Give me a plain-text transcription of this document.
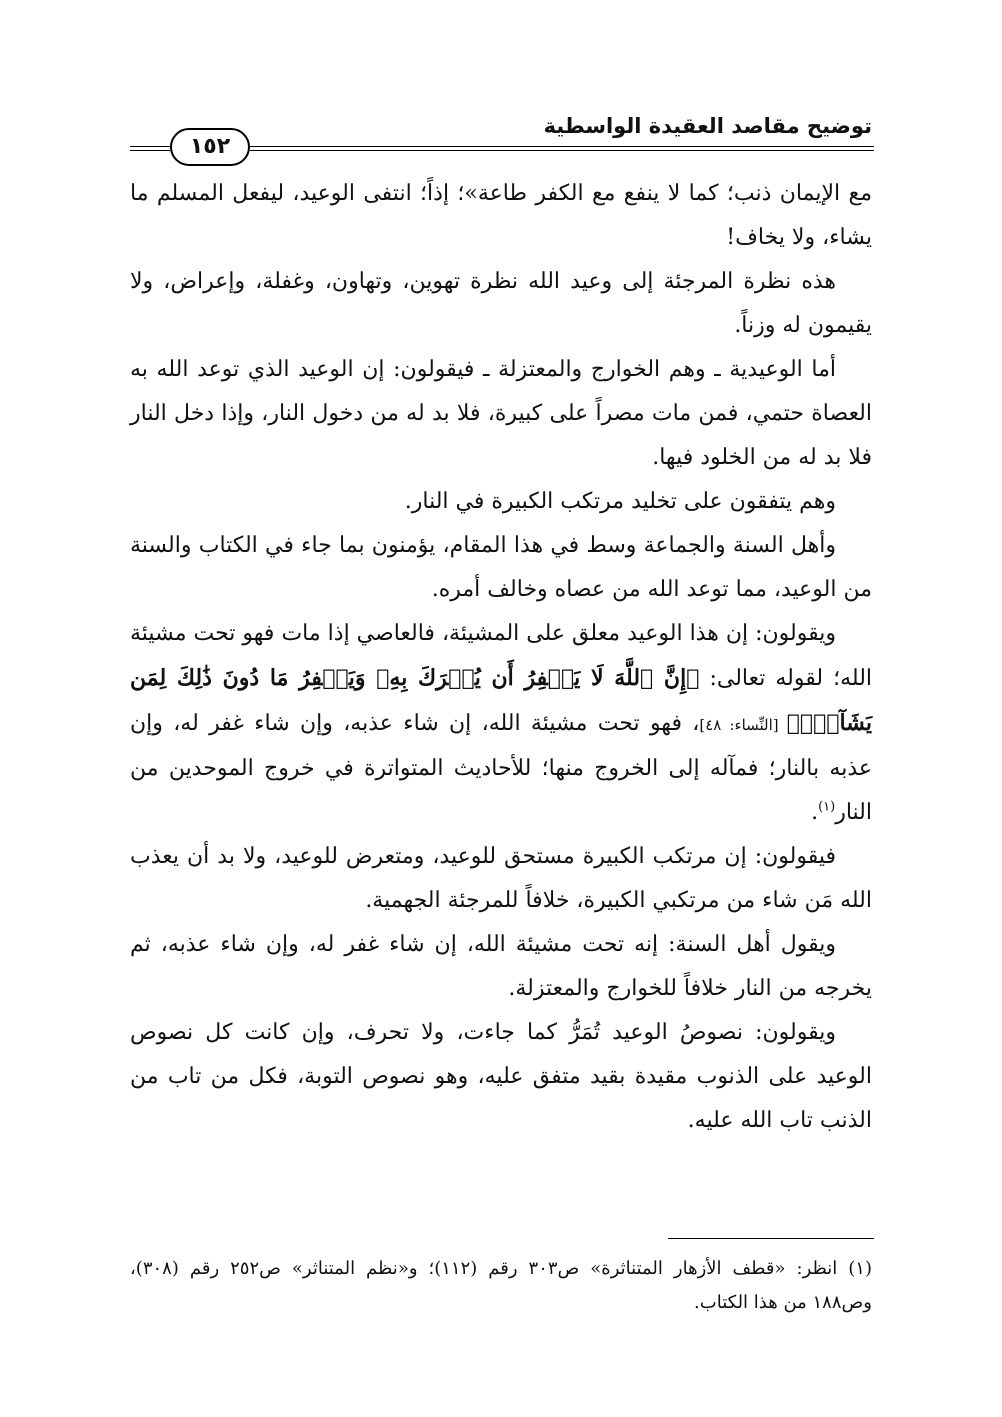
١٥٢
توضيح مقاصد العقيدة الواسطية

مع الإيمان ذنب؛ كما لا ينفع مع الكفر طاعة»؛ إذاً؛ انتفى الوعيد، ليفعل المسلم ما يشاء، ولا يخاف!

هذه نظرة المرجئة إلى وعيد الله نظرة تهوين، وتهاون، وغفلة، وإعراض، ولا يقيمون له وزناً.

أما الوعيدية ـ وهم الخوارج والمعتزلة ـ فيقولون: إن الوعيد الذي توعد الله به العصاة حتمي، فمن مات مصراً على كبيرة، فلا بد له من دخول النار، وإذا دخل النار فلا بد له من الخلود فيها.

وهم يتفقون على تخليد مرتكب الكبيرة في النار.

وأهل السنة والجماعة وسط في هذا المقام، يؤمنون بما جاء في الكتاب والسنة من الوعيد، مما توعد الله من عصاه وخالف أمره.

ويقولون: إن هذا الوعيد معلق على المشيئة، فالعاصي إذا مات فهو تحت مشيئة الله؛ لقوله تعالى: ﴿إِنَّ ٱللَّهَ لَا يَغۡفِرُ أَن يُشۡرَكَ بِهِۦ وَيَغۡفِرُ مَا دُونَ ذَٰلِكَ لِمَن يَشَآءُۚ﴾ [النِّساء: ٤٨]، فهو تحت مشيئة الله، إن شاء عذبه، وإن شاء غفر له، وإن عذبه بالنار؛ فمآله إلى الخروج منها؛ للأحاديث المتواترة في خروج الموحدين من النار$^{(١)}$.

فيقولون: إن مرتكب الكبيرة مستحق للوعيد، ومتعرض للوعيد، ولا بد أن يعذب الله مَن شاء من مرتكبي الكبيرة، خلافاً للمرجئة الجهمية.

ويقول أهل السنة: إنه تحت مشيئة الله، إن شاء غفر له، وإن شاء عذبه، ثم يخرجه من النار خلافاً للخوارج والمعتزلة.

ويقولون: نصوصُ الوعيد تُمَرُّ كما جاءت، ولا تحرف، وإن كانت كل نصوص الوعيد على الذنوب مقيدة بقيد متفق عليه، وهو نصوص التوبة، فكل من تاب من الذنب تاب الله عليه.

(١) انظر: «قطف الأزهار المتناثرة» ص٣٠٣ رقم (١١٢)؛ و«نظم المتناثر» ص٢٥٢ رقم (٣٠٨)، وص١٨٨ من هذا الكتاب.
